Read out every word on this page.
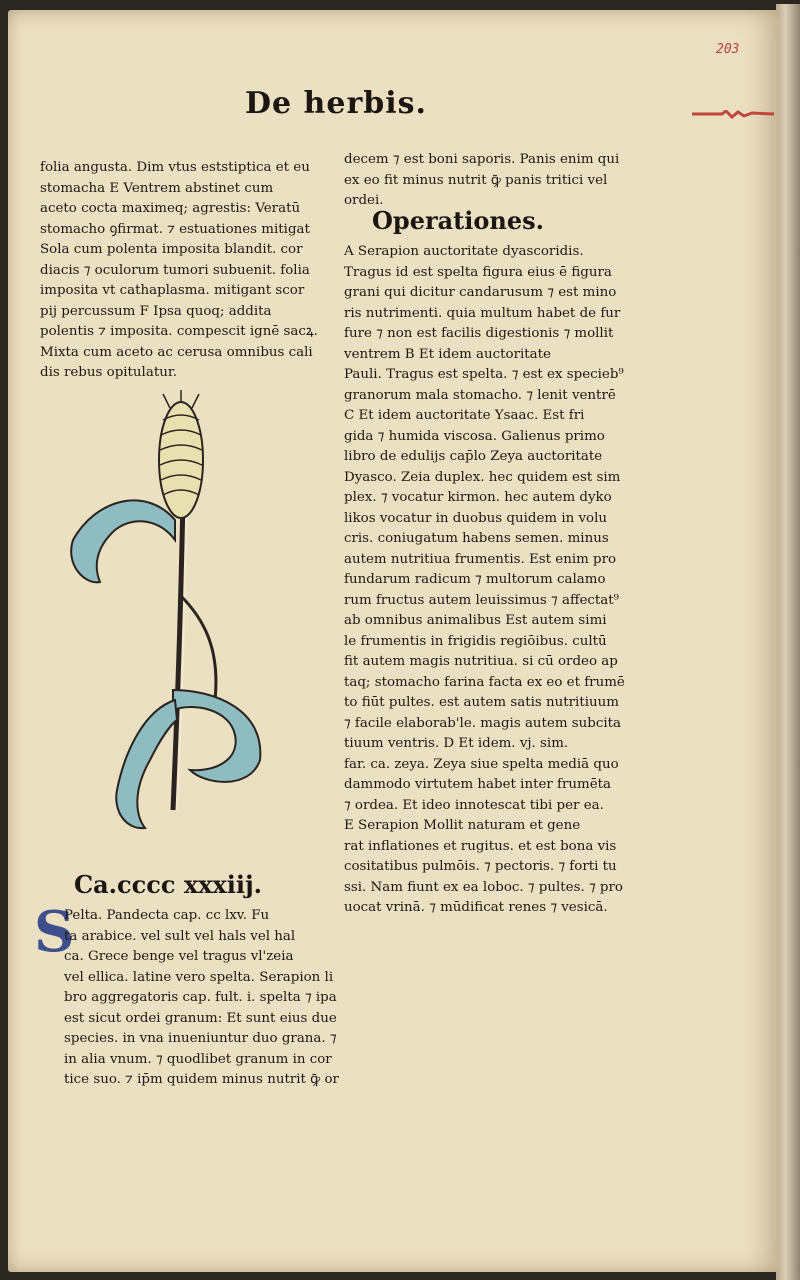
203
De herbis.
folia angusta. Dim vtus eststiptica et eu
stomacha E Ventrem abstinet cum
aceto cocta maximeq; agrestis: Veratū
stomacho ꝯfirmat. ⁊ estuationes mitigat
Sola cum polenta imposita blandit. cor
diacis ⁊ oculorum tumori subuenit. folia
imposita vt cathaplasma. mitigant scor
pij percussum F Ipsa quoq; addita
polentis ⁊ imposita. compescit ignē sacꝝ.
Mixta cum aceto ac cerusa omnibus cali
dis rebus opitulatur.
decem ⁊ est boni saporis. Panis enim qui
ex eo fit minus nutrit ꝙ̄ panis tritici vel
ordei.
Operationes.
A Serapion auctoritate dyascoridis.
Tragus id est spelta figura eius ē figura
grani qui dicitur candarusum ⁊ est mino
ris nutrimenti. quia multum habet de fur
fure ⁊ non est facilis digestionis ⁊ mollit
ventrem B Et idem auctoritate
Pauli. Tragus est spelta. ⁊ est ex specieb⁹
granorum mala stomacho. ⁊ lenit ventrē
C Et idem auctoritate Ysaac. Est fri
gida ⁊ humida viscosa. Galienus primo
libro de edulijs cap̄lo Zeya auctoritate
Dyasco. Zeia duplex. hec quidem est sim
plex. ⁊ vocatur kirmon. hec autem dyko
likos vocatur in duobus quidem in volu
cris. coniugatum habens semen. minus
autem nutritiua frumentis. Est enim pro
fundarum radicum ⁊ multorum calamo
rum fructus autem leuissimus ⁊ affectat⁹
ab omnibus animalibus Est autem simi
le frumentis in frigidis regiōibus. cultū
fit autem magis nutritiua. si cū ordeo ap
taq; stomacho farina facta ex eo et frumē
to fiūt pultes. est autem satis nutritiuum
⁊ facile elaborab'le. magis autem subcita
tiuum ventris. D Et idem. vj. sim.
far. ca. zeya. Zeya siue spelta mediā quo
dammodo virtutem habet inter frumēta
⁊ ordea. Et ideo innotescat tibi per ea.
E Serapion Mollit naturam et gene
rat inflationes et rugitus. et est bona vis
cositatibus pulmōis. ⁊ pectoris. ⁊ forti tu
ssi. Nam fiunt ex ea loboc. ⁊ pultes. ⁊ pro
uocat vrinā. ⁊ mūdificat renes ⁊ vesicā.
Ca.cccc xxxiij.
S
Pelta. Pandecta cap. cc lxv. Fu
ta arabice. vel sult vel hals vel hal
ca. Grece benge vel tragus vl'zeia
vel ellica. latine vero spelta. Serapion li
bro aggregatoris cap. fult. i. spelta ⁊ ipa
est sicut ordei granum: Et sunt eius due
species. in vna inueniuntur duo grana. ⁊
in alia vnum. ⁊ quodlibet granum in cor
tice suo. ⁊ ip̄m quidem minus nutrit ꝙ̄ or
